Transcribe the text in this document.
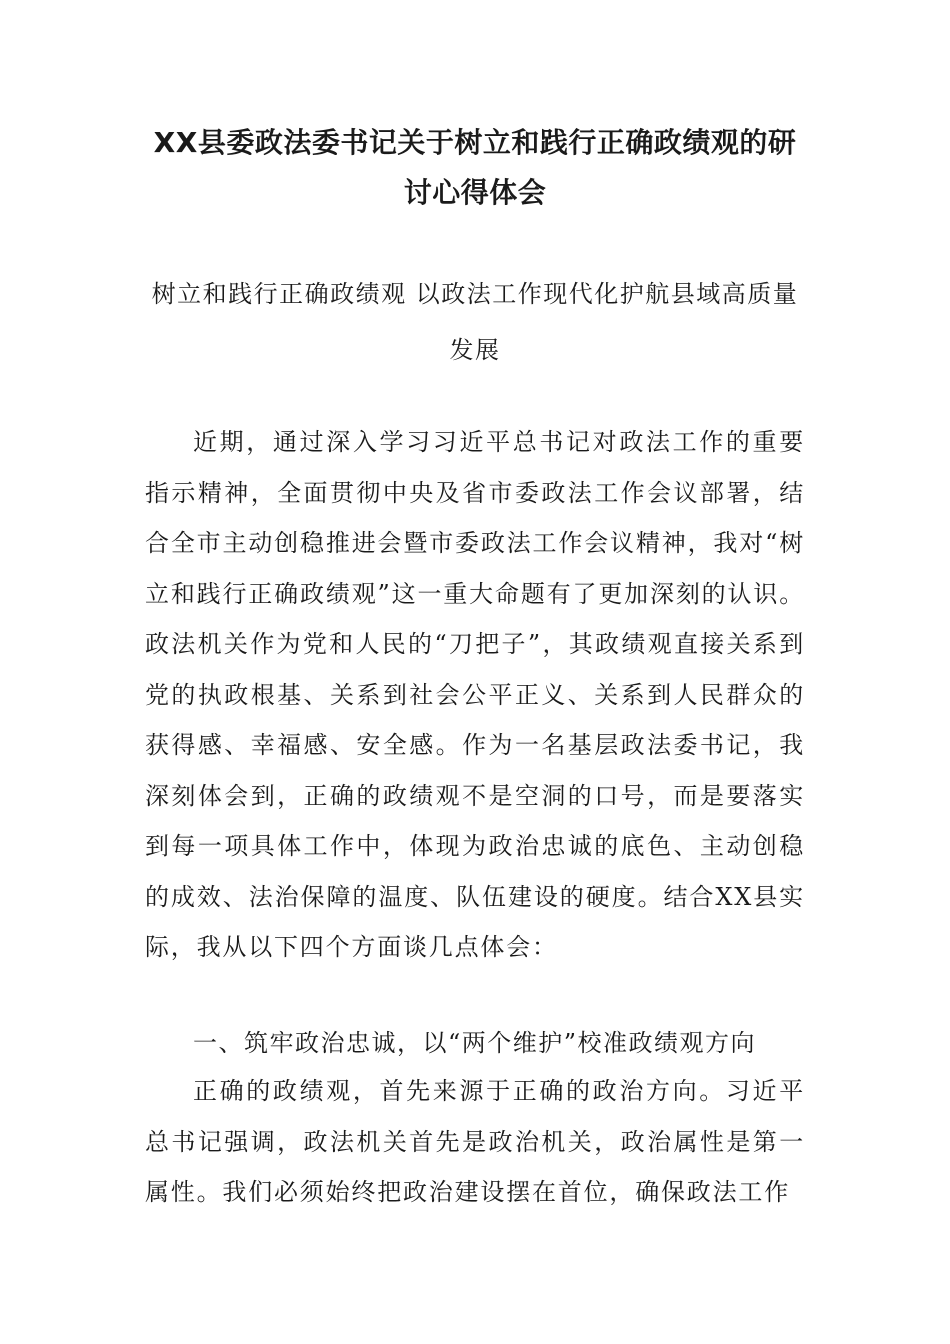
XX县委政法委书记关于树立和践行正确政绩观的研讨心得体会
树立和践行正确政绩观 以政法工作现代化护航县域高质量发展

近期，通过深入学习习近平总书记对政法工作的重要指示精神，全面贯彻中央及省市委政法工作会议部署，结合全市主动创稳推进会暨市委政法工作会议精神，我对“树立和践行正确政绩观”这一重大命题有了更加深刻的认识。政法机关作为党和人民的“刀把子”，其政绩观直接关系到党的执政根基、关系到社会公平正义、关系到人民群众的获得感、幸福感、安全感。作为一名基层政法委书记，我深刻体会到，正确的政绩观不是空洞的口号，而是要落实到每一项具体工作中，体现为政治忠诚的底色、主动创稳的成效、法治保障的温度、队伍建设的硬度。结合XX县实际，我从以下四个方面谈几点体会：

一、筑牢政治忠诚，以“两个维护”校准政绩观方向

正确的政绩观，首先来源于正确的政治方向。习近平总书记强调，政法机关首先是政治机关，政治属性是第一属性。我们必须始终把政治建设摆在首位，确保政法工作
